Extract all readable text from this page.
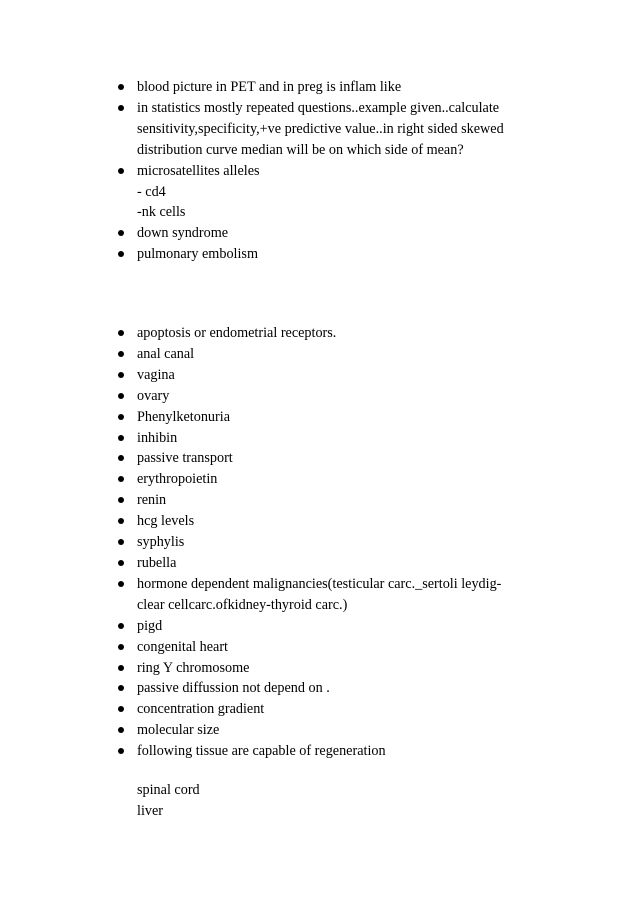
blood picture in PET and in preg is inflam like
in statistics mostly repeated questions..example given..calculate
sensitivity,specificity,+ve predictive value..in right sided skewed
distribution curve median will be on which side of mean?
microsatellites alleles
- cd4
-nk cells
down syndrome
pulmonary embolism
apoptosis or endometrial receptors.
anal canal
vagina
ovary
Phenylketonuria
inhibin
passive transport
erythropoietin
renin
hcg levels
syphylis
rubella
hormone dependent malignancies(testicular carc._sertoli leydig-
clear cellcarc.ofkidney-thyroid carc.)
pigd
congenital heart
ring Y chromosome
passive diffussion not depend on .
concentration gradient
molecular size
following tissue are capable of regeneration
spinal cord
liver
